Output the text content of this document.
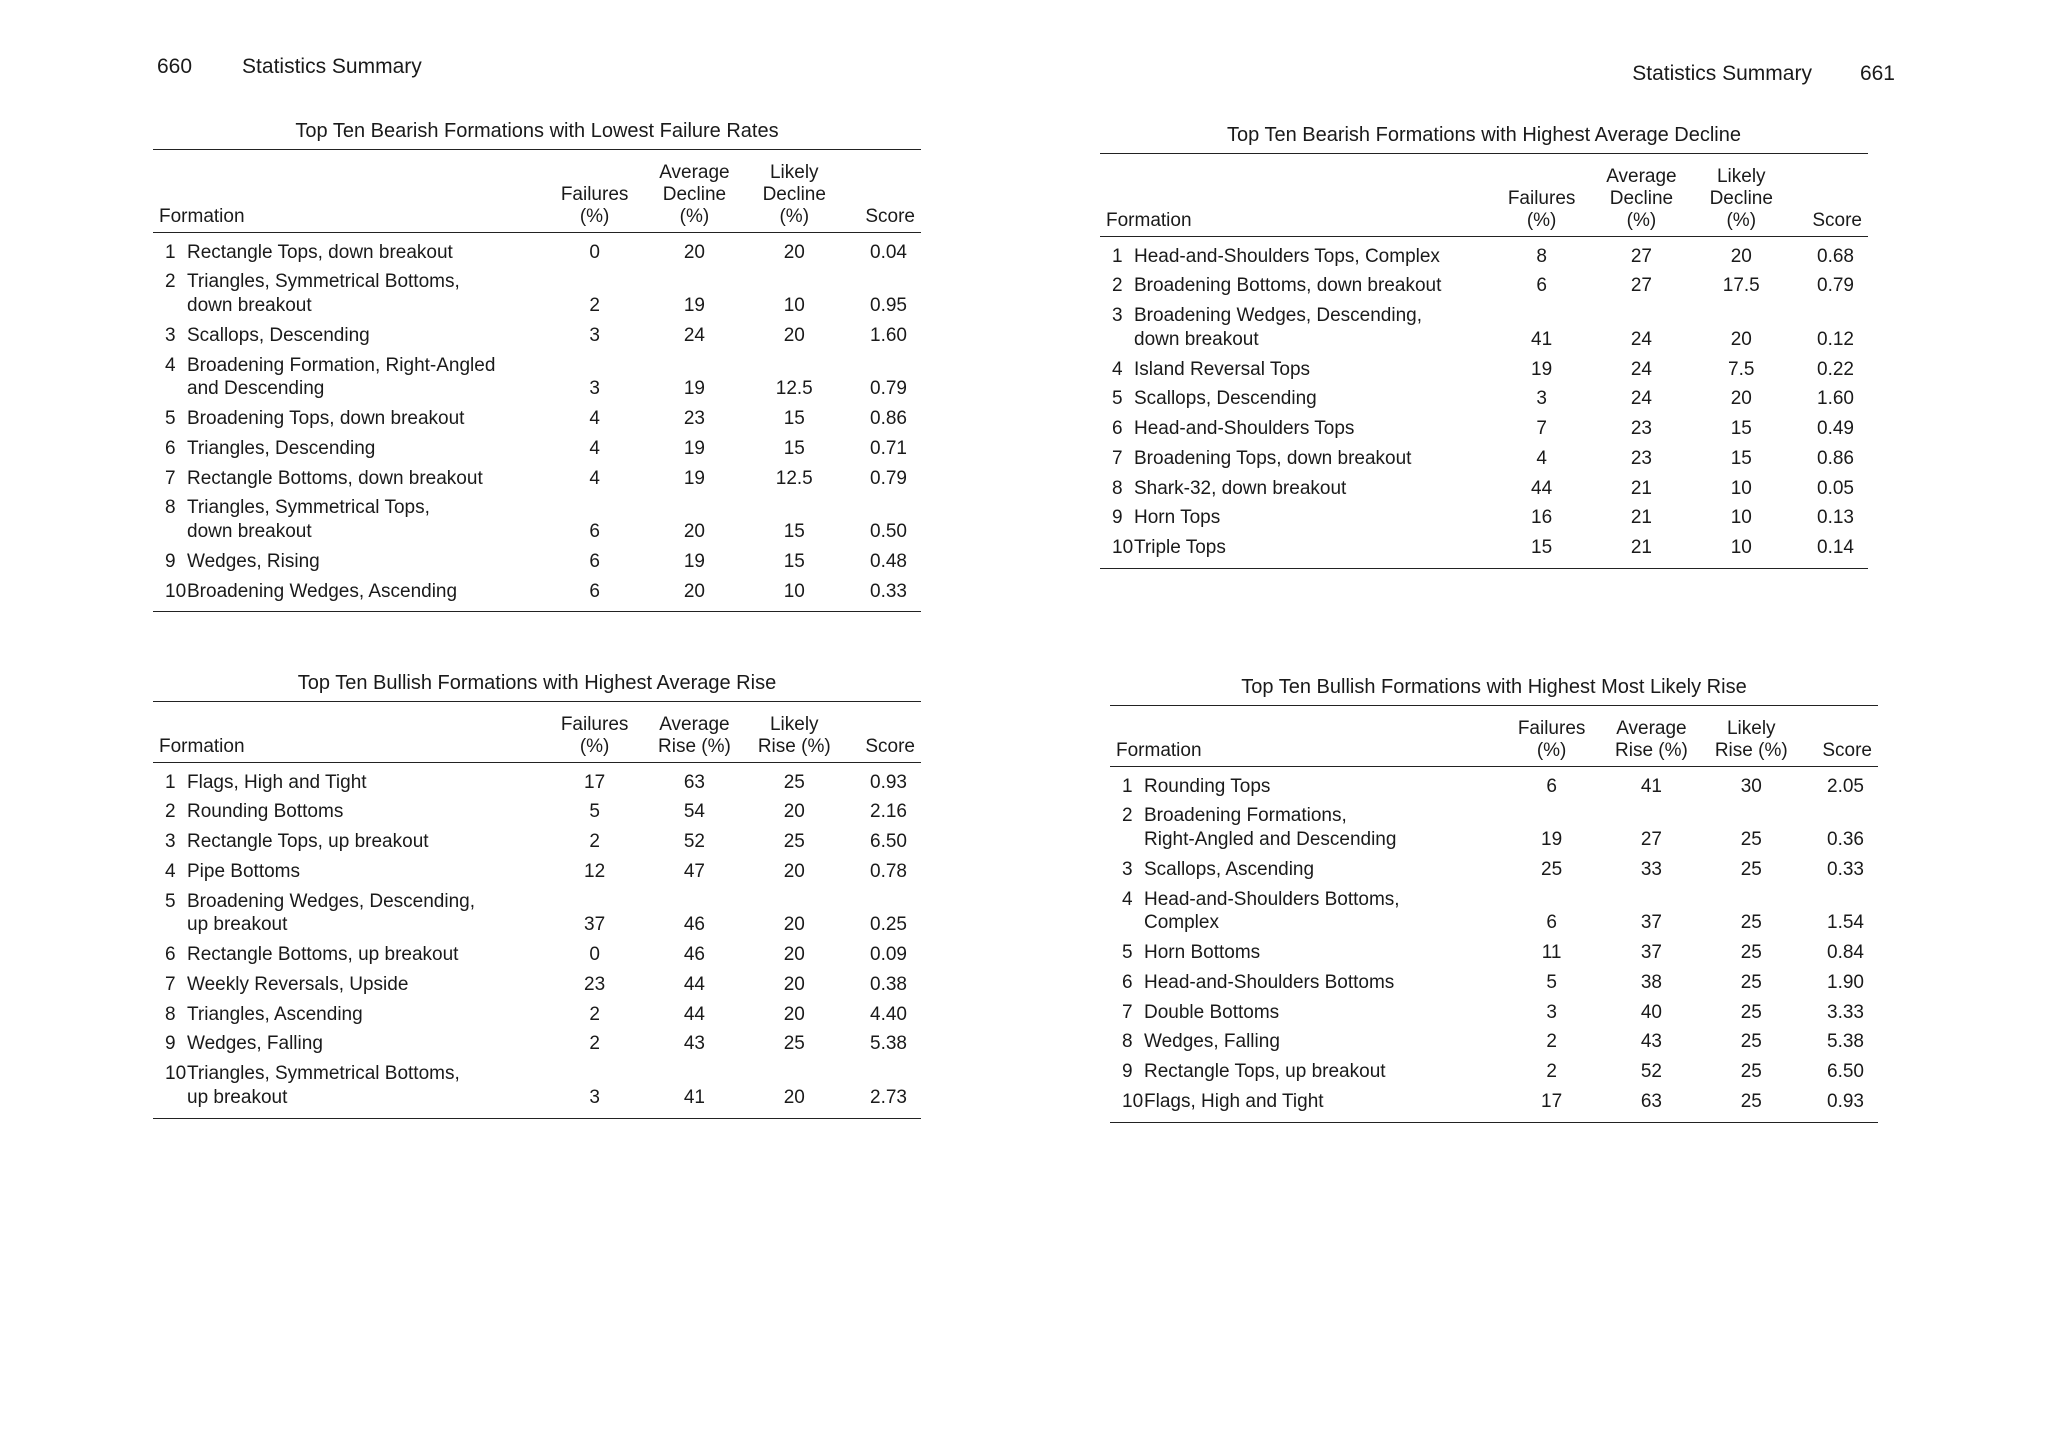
660 Statistics Summary
Top Ten Bearish Formations with Lowest Failure Rates
Formation	Failures (%)	Average Decline (%)	Likely Decline (%)	Score
1 Rectangle Tops, down breakout	0	20	20	0.04
2 Triangles, Symmetrical Bottoms,
down breakout	2	19	10	0.95
3 Scallops, Descending	3	24	20	1.60
4 Broadening Formation, Right-Angled
and Descending	3	19	12.5	0.79
5 Broadening Tops, down breakout	4	23	15	0.86
6 Triangles, Descending	4	19	15	0.71
7 Rectangle Bottoms, down breakout	4	19	12.5	0.79
8 Triangles, Symmetrical Tops,
down breakout	6	20	15	0.50
9 Wedges, Rising	6	19	15	0.48
10Broadening Wedges, Ascending	6	20	10	0.33
Top Ten Bullish Formations with Highest Average Rise
Formation	Failures (%)	Average Rise (%)	Likely Rise (%)	Score
1 Flags, High and Tight	17	63	25	0.93
2 Rounding Bottoms	5	54	20	2.16
3 Rectangle Tops, up breakout	2	52	25	6.50
4 Pipe Bottoms	12	47	20	0.78
5 Broadening Wedges, Descending,
up breakout	37	46	20	0.25
6 Rectangle Bottoms, up breakout	0	46	20	0.09
7 Weekly Reversals, Upside	23	44	20	0.38
8 Triangles, Ascending	2	44	20	4.40
9 Wedges, Falling	2	43	25	5.38
10Triangles, Symmetrical Bottoms,
up breakout	3	41	20	2.73
Statistics Summary 661
Top Ten Bearish Formations with Highest Average Decline
Formation	Failures (%)	Average Decline (%)	Likely Decline (%)	Score
1 Head-and-Shoulders Tops, Complex	8	27	20	0.68
2 Broadening Bottoms, down breakout	6	27	17.5	0.79
3 Broadening Wedges, Descending,
down breakout	41	24	20	0.12
4 Island Reversal Tops	19	24	7.5	0.22
5 Scallops, Descending	3	24	20	1.60
6 Head-and-Shoulders Tops	7	23	15	0.49
7 Broadening Tops, down breakout	4	23	15	0.86
8 Shark-32, down breakout	44	21	10	0.05
9 Horn Tops	16	21	10	0.13
10Triple Tops	15	21	10	0.14
Top Ten Bullish Formations with Highest Most Likely Rise
Formation	Failures (%)	Average Rise (%)	Likely Rise (%)	Score
1 Rounding Tops	6	41	30	2.05
2 Broadening Formations,
Right-Angled and Descending	19	27	25	0.36
3 Scallops, Ascending	25	33	25	0.33
4 Head-and-Shoulders Bottoms,
Complex	6	37	25	1.54
5 Horn Bottoms	11	37	25	0.84
6 Head-and-Shoulders Bottoms	5	38	25	1.90
7 Double Bottoms	3	40	25	3.33
8 Wedges, Falling	2	43	25	5.38
9 Rectangle Tops, up breakout	2	52	25	6.50
10Flags, High and Tight	17	63	25	0.93
